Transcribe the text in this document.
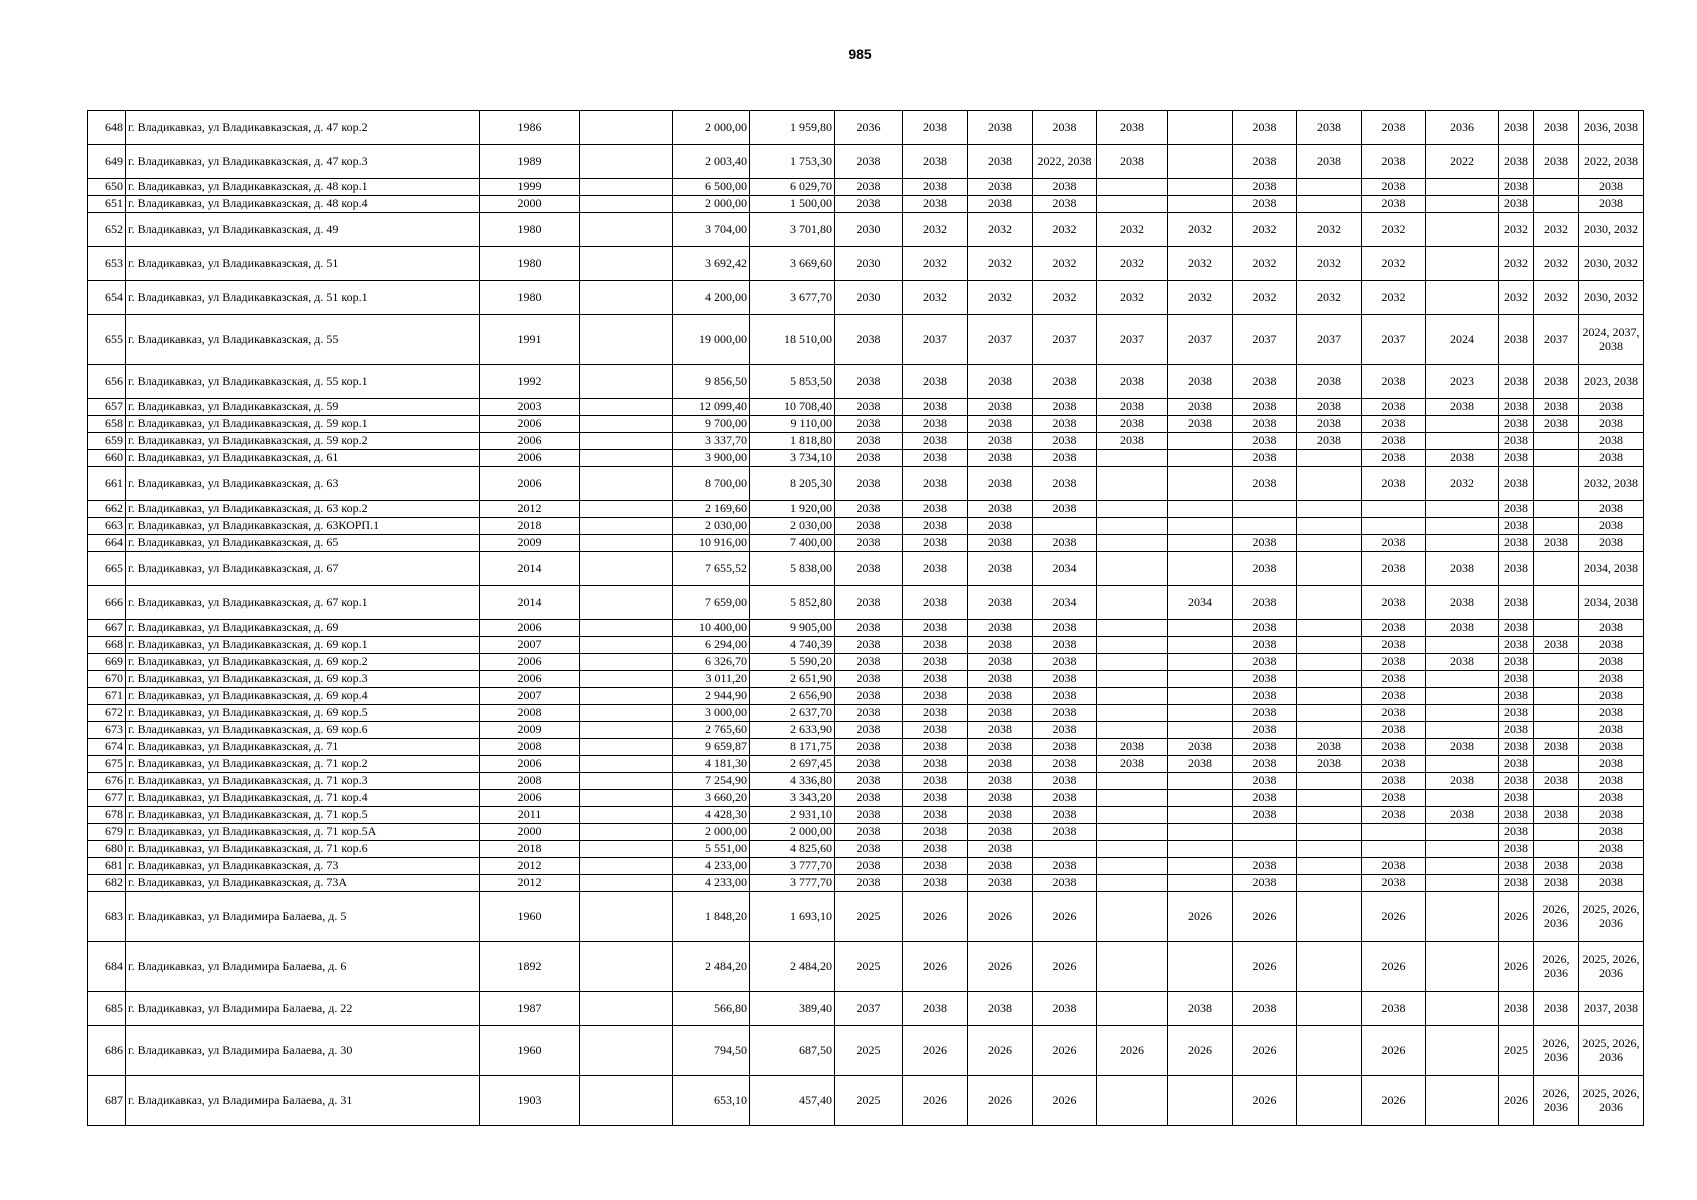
985
648	г. Владикавказ, ул Владикавказская, д. 47 кор.2	1986		2 000,00	1 959,80	2036	2038	2038	2038	2038		2038	2038	2038	2036	2038	2038	2036, 2038
649	г. Владикавказ, ул Владикавказская, д. 47 кор.3	1989		2 003,40	1 753,30	2038	2038	2038	2022, 2038	2038		2038	2038	2038	2022	2038	2038	2022, 2038
650	г. Владикавказ, ул Владикавказская, д. 48 кор.1	1999		6 500,00	6 029,70	2038	2038	2038	2038			2038		2038		2038		2038
651	г. Владикавказ, ул Владикавказская, д. 48 кор.4	2000		2 000,00	1 500,00	2038	2038	2038	2038			2038		2038		2038		2038
652	г. Владикавказ, ул Владикавказская, д. 49	1980		3 704,00	3 701,80	2030	2032	2032	2032	2032	2032	2032	2032	2032		2032	2032	2030, 2032
653	г. Владикавказ, ул Владикавказская, д. 51	1980		3 692,42	3 669,60	2030	2032	2032	2032	2032	2032	2032	2032	2032		2032	2032	2030, 2032
654	г. Владикавказ, ул Владикавказская, д. 51 кор.1	1980		4 200,00	3 677,70	2030	2032	2032	2032	2032	2032	2032	2032	2032		2032	2032	2030, 2032
655	г. Владикавказ, ул Владикавказская, д. 55	1991		19 000,00	18 510,00	2038	2037	2037	2037	2037	2037	2037	2037	2037	2024	2038	2037	2024, 2037, 2038
656	г. Владикавказ, ул Владикавказская, д. 55 кор.1	1992		9 856,50	5 853,50	2038	2038	2038	2038	2038	2038	2038	2038	2038	2023	2038	2038	2023, 2038
657	г. Владикавказ, ул Владикавказская, д. 59	2003		12 099,40	10 708,40	2038	2038	2038	2038	2038	2038	2038	2038	2038	2038	2038	2038	2038
658	г. Владикавказ, ул Владикавказская, д. 59 кор.1	2006		9 700,00	9 110,00	2038	2038	2038	2038	2038	2038	2038	2038	2038		2038	2038	2038
659	г. Владикавказ, ул Владикавказская, д. 59 кор.2	2006		3 337,70	1 818,80	2038	2038	2038	2038	2038		2038	2038	2038		2038		2038
660	г. Владикавказ, ул Владикавказская, д. 61	2006		3 900,00	3 734,10	2038	2038	2038	2038			2038		2038	2038	2038		2038
661	г. Владикавказ, ул Владикавказская, д. 63	2006		8 700,00	8 205,30	2038	2038	2038	2038			2038		2038	2032	2038		2032, 2038
662	г. Владикавказ, ул Владикавказская, д. 63 кор.2	2012		2 169,60	1 920,00	2038	2038	2038	2038							2038		2038
663	г. Владикавказ, ул Владикавказская, д. 63КОРП.1	2018		2 030,00	2 030,00	2038	2038	2038								2038		2038
664	г. Владикавказ, ул Владикавказская, д. 65	2009		10 916,00	7 400,00	2038	2038	2038	2038			2038		2038		2038	2038	2038
665	г. Владикавказ, ул Владикавказская, д. 67	2014		7 655,52	5 838,00	2038	2038	2038	2034			2038		2038	2038	2038		2034, 2038
666	г. Владикавказ, ул Владикавказская, д. 67 кор.1	2014		7 659,00	5 852,80	2038	2038	2038	2034		2034	2038		2038	2038	2038		2034, 2038
667	г. Владикавказ, ул Владикавказская, д. 69	2006		10 400,00	9 905,00	2038	2038	2038	2038			2038		2038	2038	2038		2038
668	г. Владикавказ, ул Владикавказская, д. 69 кор.1	2007		6 294,00	4 740,39	2038	2038	2038	2038			2038		2038		2038	2038	2038
669	г. Владикавказ, ул Владикавказская, д. 69 кор.2	2006		6 326,70	5 590,20	2038	2038	2038	2038			2038		2038	2038	2038		2038
670	г. Владикавказ, ул Владикавказская, д. 69 кор.3	2006		3 011,20	2 651,90	2038	2038	2038	2038			2038		2038		2038		2038
671	г. Владикавказ, ул Владикавказская, д. 69 кор.4	2007		2 944,90	2 656,90	2038	2038	2038	2038			2038		2038		2038		2038
672	г. Владикавказ, ул Владикавказская, д. 69 кор.5	2008		3 000,00	2 637,70	2038	2038	2038	2038			2038		2038		2038		2038
673	г. Владикавказ, ул Владикавказская, д. 69 кор.6	2009		2 765,60	2 633,90	2038	2038	2038	2038			2038		2038		2038		2038
674	г. Владикавказ, ул Владикавказская, д. 71	2008		9 659,87	8 171,75	2038	2038	2038	2038	2038	2038	2038	2038	2038	2038	2038	2038	2038
675	г. Владикавказ, ул Владикавказская, д. 71 кор.2	2006		4 181,30	2 697,45	2038	2038	2038	2038	2038	2038	2038	2038	2038		2038		2038
676	г. Владикавказ, ул Владикавказская, д. 71 кор.3	2008		7 254,90	4 336,80	2038	2038	2038	2038			2038		2038	2038	2038	2038	2038
677	г. Владикавказ, ул Владикавказская, д. 71 кор.4	2006		3 660,20	3 343,20	2038	2038	2038	2038			2038		2038		2038		2038
678	г. Владикавказ, ул Владикавказская, д. 71 кор.5	2011		4 428,30	2 931,10	2038	2038	2038	2038			2038		2038	2038	2038	2038	2038
679	г. Владикавказ, ул Владикавказская, д. 71 кор.5А	2000		2 000,00	2 000,00	2038	2038	2038	2038							2038		2038
680	г. Владикавказ, ул Владикавказская, д. 71 кор.6	2018		5 551,00	4 825,60	2038	2038	2038								2038		2038
681	г. Владикавказ, ул Владикавказская, д. 73	2012		4 233,00	3 777,70	2038	2038	2038	2038			2038		2038		2038	2038	2038
682	г. Владикавказ, ул Владикавказская, д. 73А	2012		4 233,00	3 777,70	2038	2038	2038	2038			2038		2038		2038	2038	2038
683	г. Владикавказ, ул Владимира Балаева, д. 5	1960		1 848,20	1 693,10	2025	2026	2026	2026		2026	2026		2026		2026	2026, 2036	2025, 2026, 2036
684	г. Владикавказ, ул Владимира Балаева, д. 6	1892		2 484,20	2 484,20	2025	2026	2026	2026			2026		2026		2026	2026, 2036	2025, 2026, 2036
685	г. Владикавказ, ул Владимира Балаева, д. 22	1987		566,80	389,40	2037	2038	2038	2038		2038	2038		2038		2038	2038	2037, 2038
686	г. Владикавказ, ул Владимира Балаева, д. 30	1960		794,50	687,50	2025	2026	2026	2026	2026	2026	2026		2026		2025	2026, 2036	2025, 2026, 2036
687	г. Владикавказ, ул Владимира Балаева, д. 31	1903		653,10	457,40	2025	2026	2026	2026			2026		2026		2026	2026, 2036	2025, 2026, 2036
